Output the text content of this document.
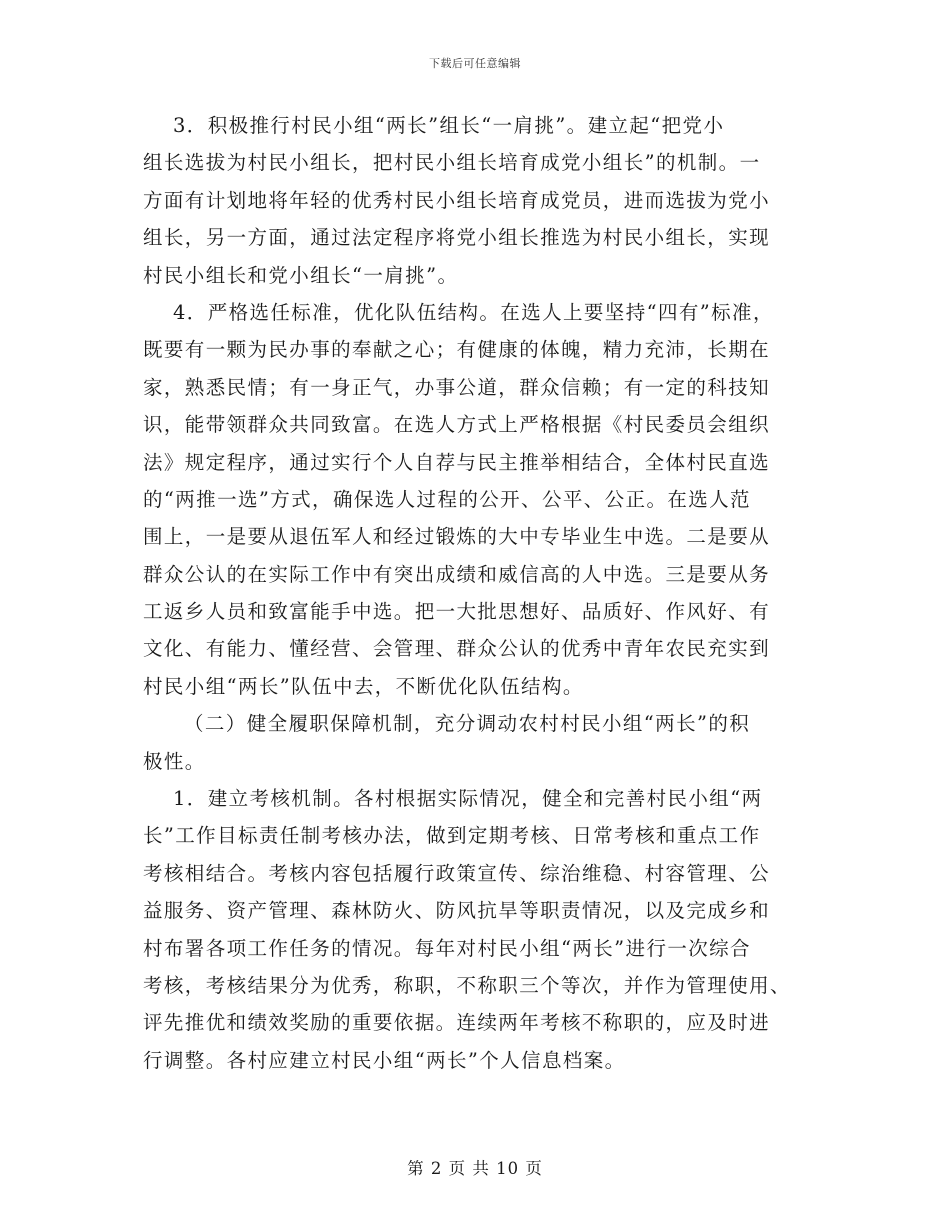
下载后可任意编辑
3．积极推行村民小组“两长”组长“一肩挑”。建立起“把党小
组长选拔为村民小组长，把村民小组长培育成党小组长”的机制。一
方面有计划地将年轻的优秀村民小组长培育成党员，进而选拔为党小
组长，另一方面，通过法定程序将党小组长推选为村民小组长，实现
村民小组长和党小组长“一肩挑”。
4．严格选任标准，优化队伍结构。在选人上要坚持“四有”标准，
既要有一颗为民办事的奉献之心；有健康的体魄，精力充沛，长期在
家，熟悉民情；有一身正气，办事公道，群众信赖；有一定的科技知
识，能带领群众共同致富。在选人方式上严格根据《村民委员会组织
法》规定程序，通过实行个人自荐与民主推举相结合，全体村民直选
的“两推一选”方式，确保选人过程的公开、公平、公正。在选人范
围上，一是要从退伍军人和经过锻炼的大中专毕业生中选。二是要从
群众公认的在实际工作中有突出成绩和威信高的人中选。三是要从务
工返乡人员和致富能手中选。把一大批思想好、品质好、作风好、有
文化、有能力、懂经营、会管理、群众公认的优秀中青年农民充实到
村民小组“两长”队伍中去，不断优化队伍结构。
（二）健全履职保障机制，充分调动农村村民小组“两长”的积
极性。
1．建立考核机制。各村根据实际情况，健全和完善村民小组“两
长”工作目标责任制考核办法，做到定期考核、日常考核和重点工作
考核相结合。考核内容包括履行政策宣传、综治维稳、村容管理、公
益服务、资产管理、森林防火、防风抗旱等职责情况，以及完成乡和
村布署各项工作任务的情况。每年对村民小组“两长”进行一次综合
考核，考核结果分为优秀，称职，不称职三个等次，并作为管理使用、
评先推优和绩效奖励的重要依据。连续两年考核不称职的，应及时进
行调整。各村应建立村民小组“两长”个人信息档案。
第 2 页 共 10 页
